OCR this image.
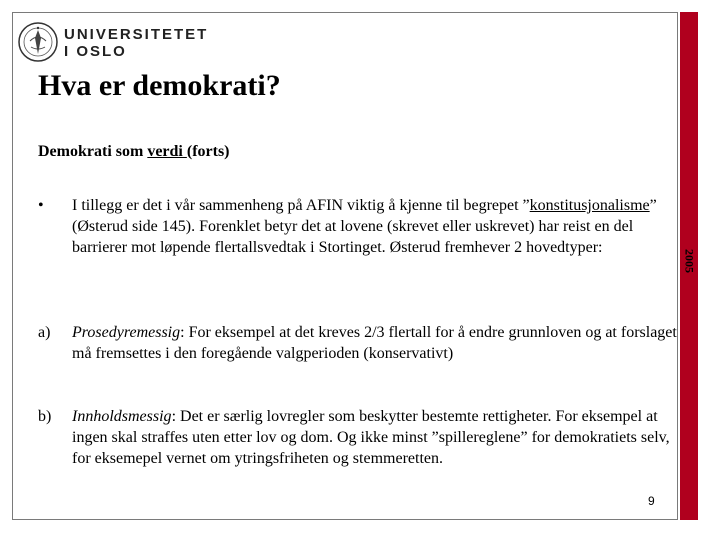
UNIVERSITETET
I OSLO
Hva er demokrati?
Demokrati som verdi (forts)
2005
• I tillegg er det i vår sammenheng på AFIN viktig å kjenne til begrepet ”konstitusjonalisme” (Østerud side 145). Forenklet betyr det at lovene (skrevet eller uskrevet) har reist en del barrierer mot løpende flertallsvedtak i Stortinget. Østerud fremhever 2 hovedtyper:
a) Prosedyremessig: For eksempel at det kreves 2/3 flertall for å endre grunnloven og at forslaget må fremsettes i den foregående valgperioden (konservativt)
b) Innholdsmessig: Det er særlig lovregler som beskytter bestemte rettigheter. For eksempel at ingen skal straffes uten etter lov og dom. Og ikke minst ”spillereglene” for demokratiets selv, for eksemepel vernet om ytringsfriheten og stemmeretten.
9
